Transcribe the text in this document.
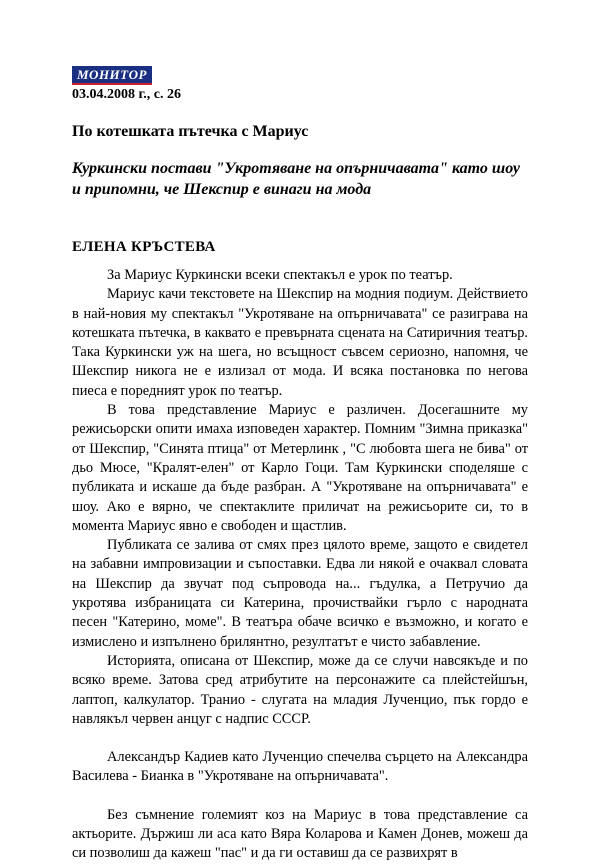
МОНИТОР
03.04.2008 г., с. 26
По котешката пътечка с Мариус
Куркински постави "Укротяване на опърничавата" като шоу и припомни, че Шекспир е винаги на мода
ЕЛЕНА КРЪСТЕВА

За Мариус Куркински всеки спектакъл е урок по театър.

Мариус качи текстовете на Шекспир на модния подиум. Действието в най-новия му спектакъл "Укротяване на опърничавата" се разиграва на котешката пътечка, в каквато е превърната сцената на Сатиричния театър. Така Куркински уж на шега, но всъщност съвсем сериозно, напомня, че Шекспир никога не е излизал от мода. И всяка постановка по негова пиеса е поредният урок по театър.

В това представление Мариус е различен. Досегашните му режисьорски опити имаха изповеден характер. Помним "Зимна приказка" от Шекспир, "Синята птица" от Метерлинк , "С любовта шега не бива" от дьо Мюсе, "Кралят-елен" от Карло Гоци. Там Куркински споделяше с публиката и искаше да бъде разбран. А "Укротяване на опърничавата" е шоу. Ако е вярно, че спектаклите приличат на режисьорите си, то в момента Мариус явно е свободен и щастлив.

Публиката се залива от смях през цялото време, защото е свидетел на забавни импровизации и съпоставки. Едва ли някой е очаквал словата на Шекспир да звучат под съпровода на... гъдулка, а Петручио да укротява избраницата си Катерина, прочиствайки гърло с народната песен "Катерино, моме". В театъра обаче всичко е възможно, и когато е измислено и изпълнено брилянтно, резултатът е чисто забавление.

Историята, описана от Шекспир, може да се случи навсякъде и по всяко време. Затова сред атрибутите на персонажите са плейстейшън, лаптоп, калкулатор. Транио - слугата на младия Лученцио, пък гордо е навлякъл червен анцуг с надпис СССР.

Александър Кадиев като Лученцио спечелва сърцето на Александра Василева - Бианка в "Укротяване на опърничавата".

Без съмнение големият коз на Мариус в това представление са актьорите. Държиш ли аса като Вяра Коларова и Камен Донев, можеш да си позволиш да кажеш "пас" и да ги оставиш да се развихрят в
